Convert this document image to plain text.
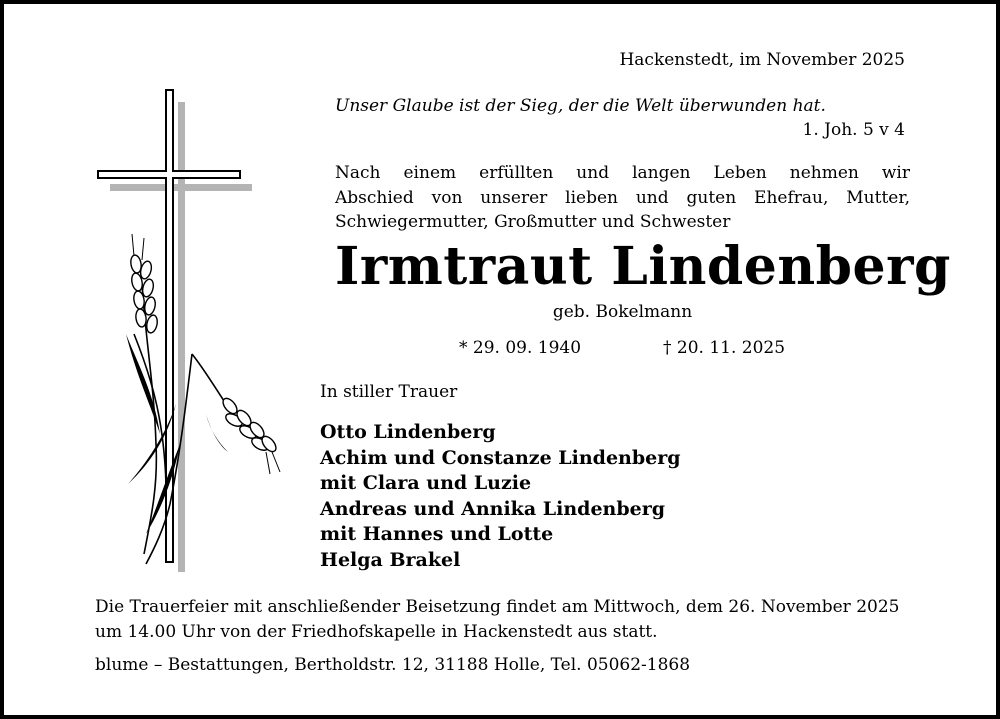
Hackenstedt, im November 2025
Unser Glaube ist der Sieg, der die Welt überwunden hat.
1. Joh. 5 v 4
Nach einem erfüllten und langen Leben nehmen wir
Abschied von unserer lieben und guten Ehefrau, Mutter,
Schwiegermutter, Großmutter und Schwester
Irmtraut Lindenberg
geb. Bokelmann
* 29. 09. 1940	† 20. 11. 2025
In stiller Trauer
Otto Lindenberg
Achim und Constanze Lindenberg
mit Clara und Luzie
Andreas und Annika Lindenberg
mit Hannes und Lotte
Helga Brakel
Die Trauerfeier mit anschließender Beisetzung findet am Mittwoch, dem 26. November 2025 um 14.00 Uhr von der Friedhofskapelle in Hackenstedt aus statt.
blume – Bestattungen, Bertholdstr. 12, 31188 Holle, Tel. 05062-1868
